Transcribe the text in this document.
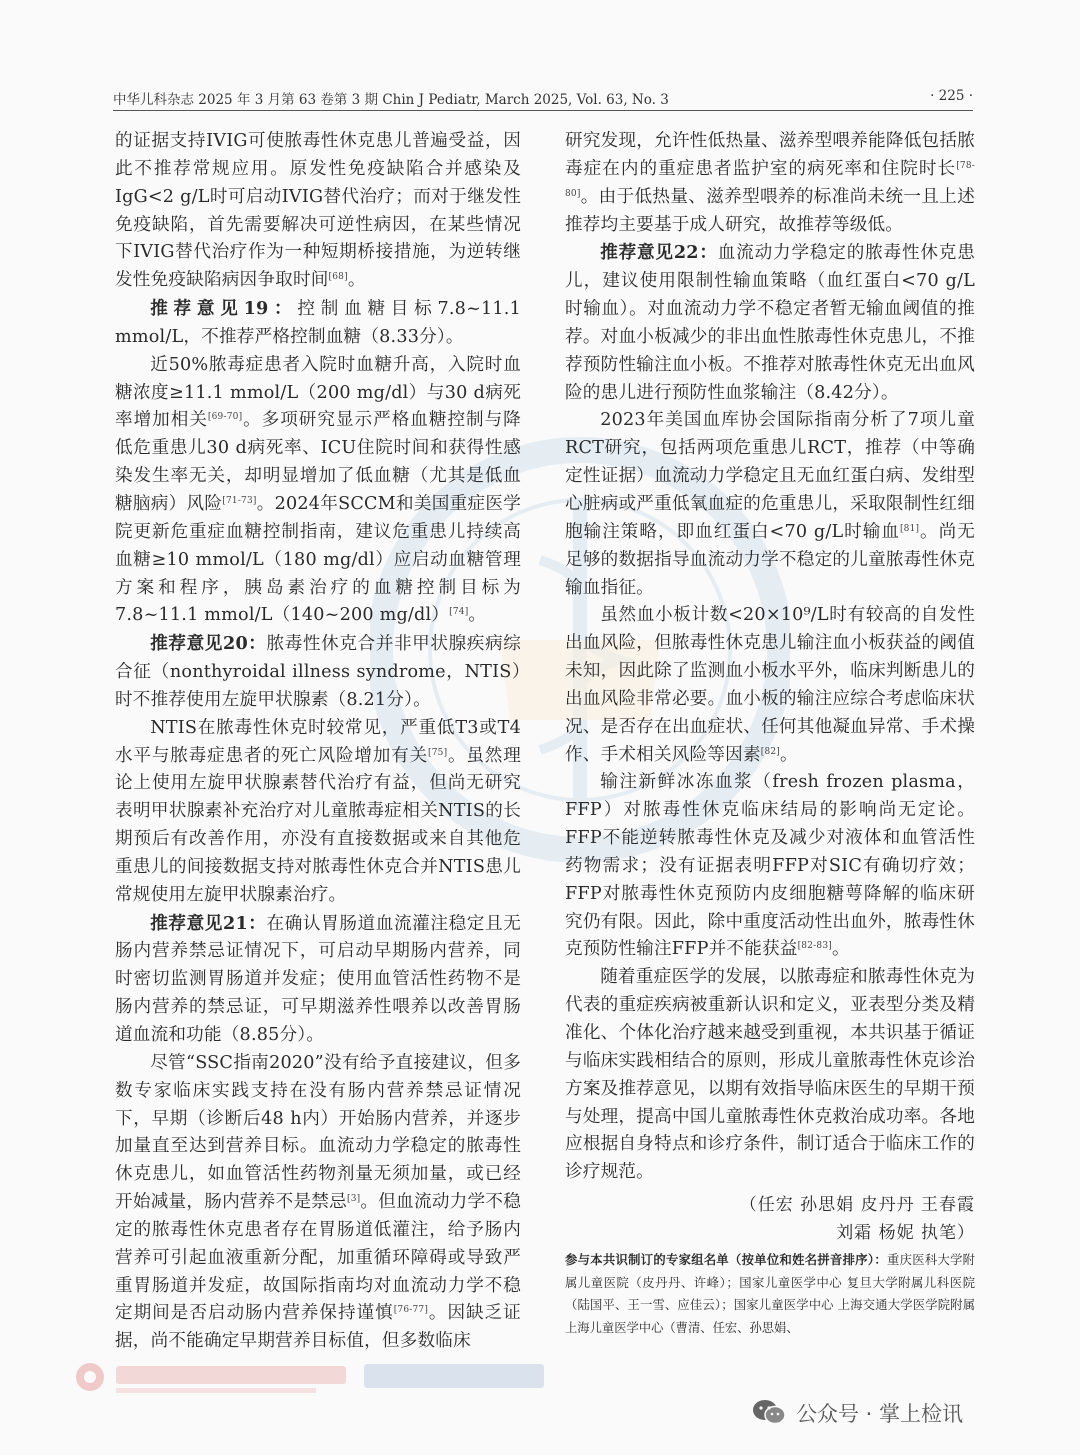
中华儿科杂志 2025 年 3 月第 63 卷第 3 期 Chin J Pediatr, March 2025, Vol. 63, No. 3	· 225 ·

的证据支持IVIG可使脓毒性休克患儿普遍受益，因此不推荐常规应用。原发性免疫缺陷合并感染及IgG<2 g/L时可启动IVIG替代治疗；而对于继发性免疫缺陷，首先需要解决可逆性病因，在某些情况下IVIG替代治疗作为一种短期桥接措施，为逆转继发性免疫缺陷病因争取时间[68]。

推荐意见19：控制血糖目标7.8~11.1 mmol/L，不推荐严格控制血糖（8.33分）。

近50%脓毒症患者入院时血糖升高，入院时血糖浓度≥11.1 mmol/L（200 mg/dl）与30 d病死率增加相关[69-70]。多项研究显示严格血糖控制与降低危重患儿30 d病死率、ICU住院时间和获得性感染发生率无关，却明显增加了低血糖（尤其是低血糖脑病）风险[71-73]。2024年SCCM和美国重症医学院更新危重症血糖控制指南，建议危重患儿持续高血糖≥10 mmol/L（180 mg/dl）应启动血糖管理方案和程序，胰岛素治疗的血糖控制目标为7.8~11.1 mmol/L（140~200 mg/dl）[74]。

推荐意见20：脓毒性休克合并非甲状腺疾病综合征（nonthyroidal illness syndrome，NTIS）时不推荐使用左旋甲状腺素（8.21分）。

NTIS在脓毒性休克时较常见，严重低T3或T4水平与脓毒症患者的死亡风险增加有关[75]。虽然理论上使用左旋甲状腺素替代治疗有益，但尚无研究表明甲状腺素补充治疗对儿童脓毒症相关NTIS的长期预后有改善作用，亦没有直接数据或来自其他危重患儿的间接数据支持对脓毒性休克合并NTIS患儿常规使用左旋甲状腺素治疗。

推荐意见21：在确认胃肠道血流灌注稳定且无肠内营养禁忌证情况下，可启动早期肠内营养，同时密切监测胃肠道并发症；使用血管活性药物不是肠内营养的禁忌证，可早期滋养性喂养以改善胃肠道血流和功能（8.85分）。

尽管“SSC指南2020”没有给予直接建议，但多数专家临床实践支持在没有肠内营养禁忌证情况下，早期（诊断后48 h内）开始肠内营养，并逐步加量直至达到营养目标。血流动力学稳定的脓毒性休克患儿，如血管活性药物剂量无须加量，或已经开始减量，肠内营养不是禁忌[3]。但血流动力学不稳定的脓毒性休克患者存在胃肠道低灌注，给予肠内营养可引起血液重新分配，加重循环障碍或导致严重胃肠道并发症，故国际指南均对血流动力学不稳定期间是否启动肠内营养保持谨慎[76-77]。因缺乏证据，尚不能确定早期营养目标值，但多数临床

研究发现，允许性低热量、滋养型喂养能降低包括脓毒症在内的重症患者监护室的病死率和住院时长[78-80]。由于低热量、滋养型喂养的标准尚未统一且上述推荐均主要基于成人研究，故推荐等级低。

推荐意见22：血流动力学稳定的脓毒性休克患儿，建议使用限制性输血策略（血红蛋白<70 g/L时输血）。对血流动力学不稳定者暂无输血阈值的推荐。对血小板减少的非出血性脓毒性休克患儿，不推荐预防性输注血小板。不推荐对脓毒性休克无出血风险的患儿进行预防性血浆输注（8.42分）。

2023年美国血库协会国际指南分析了7项儿童RCT研究，包括两项危重患儿RCT，推荐（中等确定性证据）血流动力学稳定且无血红蛋白病、发绀型心脏病或严重低氧血症的危重患儿，采取限制性红细胞输注策略，即血红蛋白<70 g/L时输血[81]。尚无足够的数据指导血流动力学不稳定的儿童脓毒性休克输血指征。

虽然血小板计数<20×10⁹/L时有较高的自发性出血风险，但脓毒性休克患儿输注血小板获益的阈值未知，因此除了监测血小板水平外，临床判断患儿的出血风险非常必要。血小板的输注应综合考虑临床状况、是否存在出血症状、任何其他凝血异常、手术操作、手术相关风险等因素[82]。

输注新鲜冰冻血浆（fresh frozen plasma，FFP）对脓毒性休克临床结局的影响尚无定论。FFP不能逆转脓毒性休克及减少对液体和血管活性药物需求；没有证据表明FFP对SIC有确切疗效；FFP对脓毒性休克预防内皮细胞糖萼降解的临床研究仍有限。因此，除中重度活动性出血外，脓毒性休克预防性输注FFP并不能获益[82-83]。

随着重症医学的发展，以脓毒症和脓毒性休克为代表的重症疾病被重新认识和定义，亚表型分类及精准化、个体化治疗越来越受到重视，本共识基于循证与临床实践相结合的原则，形成儿童脓毒性休克诊治方案及推荐意见，以期有效指导临床医生的早期干预与处理，提高中国儿童脓毒性休克救治成功率。各地应根据自身特点和诊疗条件，制订适合于临床工作的诊疗规范。

（任宏 孙思娟 皮丹丹 王春霞
刘霜 杨妮 执笔）
参与本共识制订的专家组名单（按单位和姓名拼音排序）：重庆医科大学附属儿童医院（皮丹丹、许峰）；国家儿童医学中心 复旦大学附属儿科医院（陆国平、王一雪、应佳云）；国家儿童医学中心 上海交通大学医学院附属上海儿童医学中心（曹清、任宏、孙思娟、
公众号 · 掌上检讯
